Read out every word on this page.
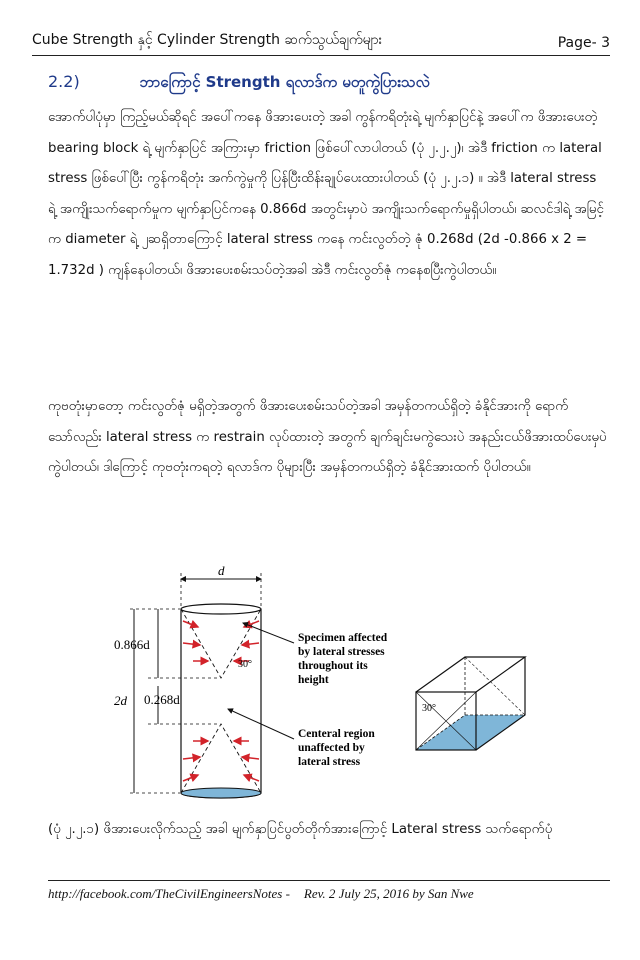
Cube Strength နှင့် Cylinder Strength ဆက်သွယ်ချက်များ	Page- 3
2.2)	ဘာကြောင့် Strength ရလာဒ်က မတူကွဲပြားသလဲ

အောက်ပါပုံမှာ ကြည့်မယ်ဆိုရင် အပေါ်ကနေ ဖိအားပေးတဲ့ အခါ ကွန်ကရိတုံးရဲ့ မျက်နှာပြင်နဲ့ အပေါ်က ဖိအားပေးတဲ့ bearing block ရဲ့ မျက်နှာပြင် အကြားမှာ friction ဖြစ်ပေါ်လာပါတယ် (ပုံ ၂.၂.၂)၊ အဲဒီ friction က lateral stress ဖြစ်ပေါ်ပြီး ကွန်ကရိတုံး အက်ကွဲမှုကို ပြန်ပြီးထိန်းချုပ်ပေးထားပါတယ် (ပုံ ၂.၂.၁) ။ အဲဒီ lateral stress ရဲ့ အကျိုးသက်ရောက်မှုက မျက်နှာပြင်ကနေ 0.866d အတွင်းမှာပဲ အကျိုးသက်ရောက်မှုရှိပါတယ်၊ ဆလင်ဒါရဲ့ အမြင့်က diameter ရဲ့ ၂ဆရှိတာကြောင့် lateral stress ကနေ ကင်းလွတ်တဲ့ ဇုံ 0.268d (2d -0.866 x 2 = 1.732d ) ကျန်နေပါတယ်၊ ဖိအားပေးစမ်းသပ်တဲ့အခါ အဲဒီ ကင်းလွတ်ဇုံ ကနေစပြီးကွဲပါတယ်။

ကုဗတုံးမှာတော့ ကင်းလွတ်ဇုံ မရှိတဲ့အတွက် ဖိအားပေးစမ်းသပ်တဲ့အခါ အမှန်တကယ်ရှိတဲ့ ခံနိုင်အားကို ရောက်သော်လည်း lateral stress က restrain လုပ်ထားတဲ့ အတွက် ချက်ချင်းမကွဲသေးပဲ အနည်းငယ်ဖိအားထပ်ပေးမှပဲ ကွဲပါတယ်၊ ဒါကြောင့် ကုဗတုံးကရတဲ့ ရလာဒ်က ပိုများပြီး အမှန်တကယ်ရှိတဲ့ ခံနိုင်အားထက် ပိုပါတယ်။

d
30°
2d
0.866d
0.268d
Specimen affected
by lateral stresses
throughout its
height
Centeral region
unaffected by
lateral stress
30°

(ပုံ ၂.၂.၁) ဖိအားပေးလိုက်သည့် အခါ မျက်နှာပြင်ပွတ်တိုက်အားကြောင့် Lateral stress သက်ရောက်ပုံ

http://facebook.com/TheCivilEngineersNotes - Rev. 2 July 25, 2016 by San Nwe
